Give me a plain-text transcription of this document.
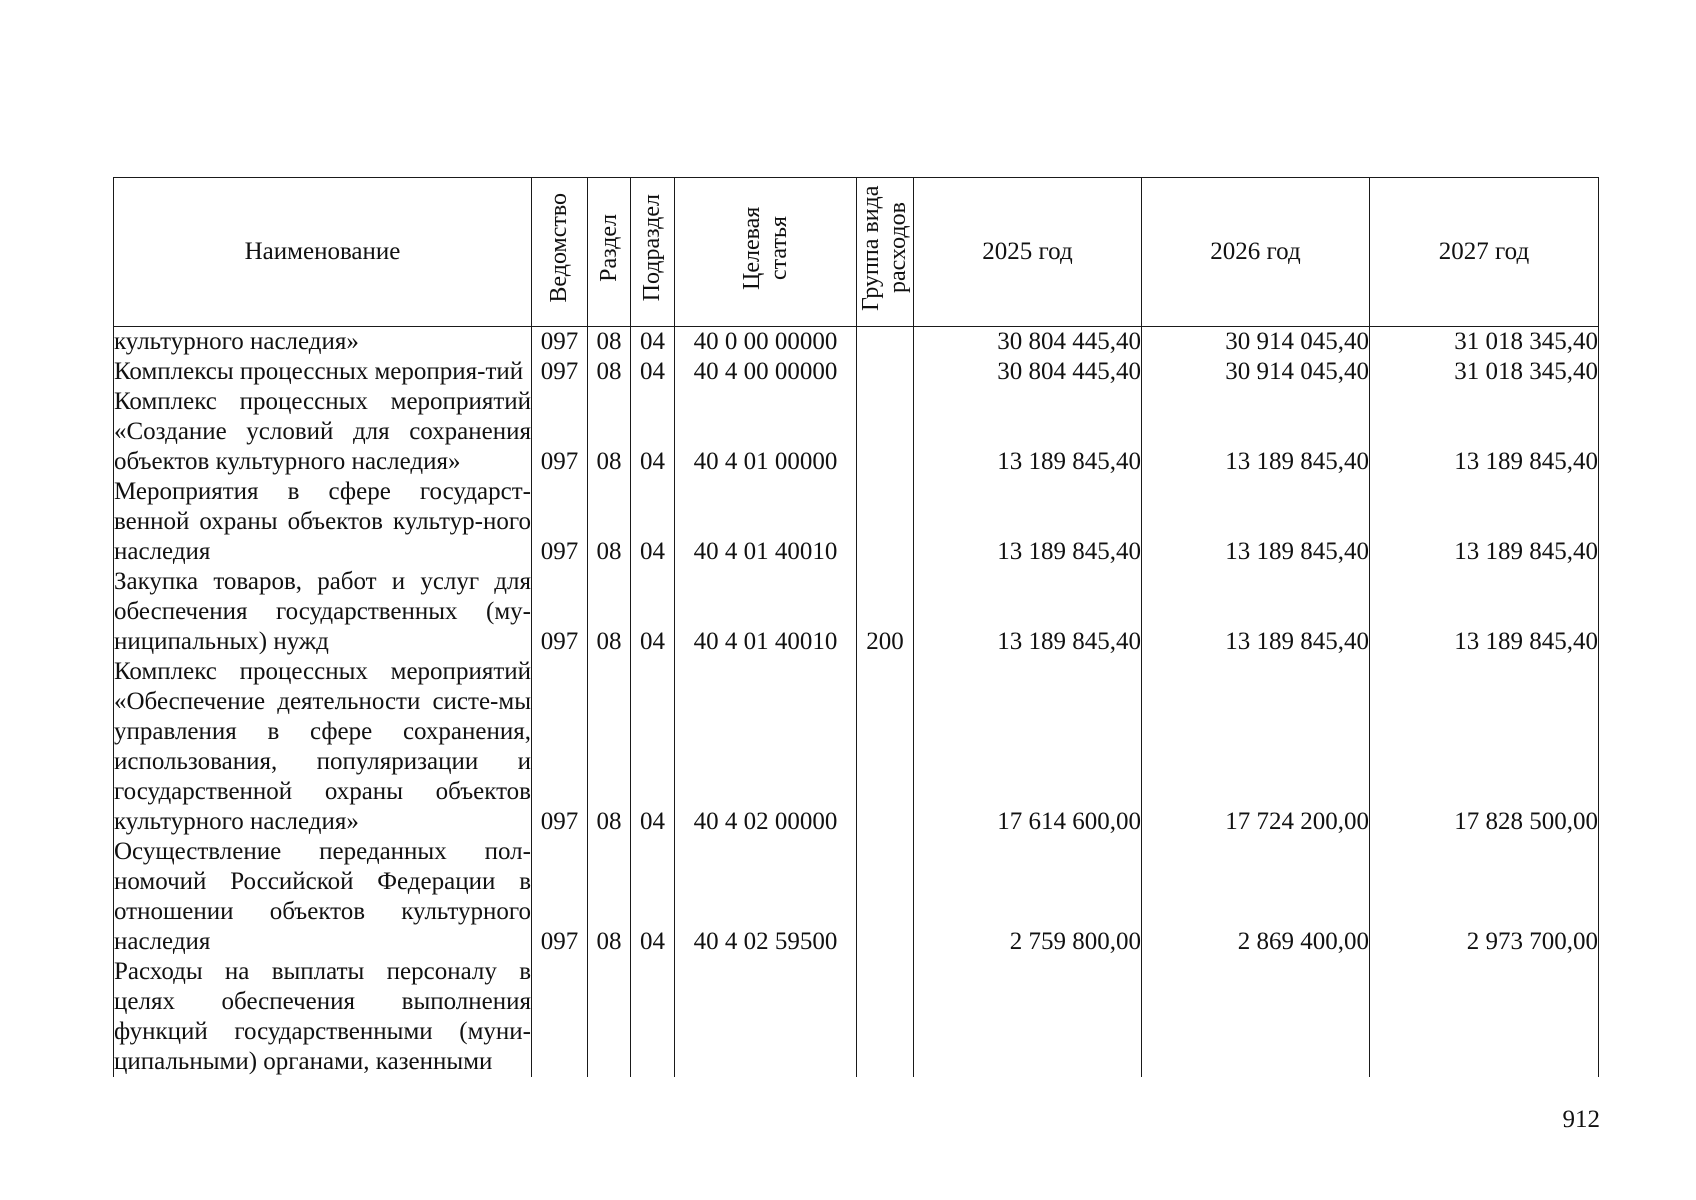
Наименование	Ведомство	Раздел	Подраздел	Целевая статья	Группа вида расходов	2025 год	2026 год	2027 год
культурного наследия»	097	08	04	40 0 00 00000		30 804 445,40	30 914 045,40	31 018 345,40
Комплексы процессных мероприя-тий	097	08	04	40 4 00 00000		30 804 445,40	30 914 045,40	31 018 345,40
Комплекс процессных мероприятий «Создание условий для сохранения объектов культурного наследия»	097	08	04	40 4 01 00000		13 189 845,40	13 189 845,40	13 189 845,40
Мероприятия в сфере государст-венной охраны объектов культур-ного наследия	097	08	04	40 4 01 40010		13 189 845,40	13 189 845,40	13 189 845,40
Закупка товаров, работ и услуг для обеспечения государственных (му-ниципальных) нужд	097	08	04	40 4 01 40010	200	13 189 845,40	13 189 845,40	13 189 845,40
Комплекс процессных мероприятий «Обеспечение деятельности систе-мы управления в сфере сохранения, использования, популяризации и государственной охраны объектов культурного наследия»	097	08	04	40 4 02 00000		17 614 600,00	17 724 200,00	17 828 500,00
Осуществление переданных пол-номочий Российской Федерации в отношении объектов культурного наследия	097	08	04	40 4 02 59500		2 759 800,00	2 869 400,00	2 973 700,00
Расходы на выплаты персоналу в целях обеспечения выполнения функций государственными (муни-ципальными) органами, казенными								
912
